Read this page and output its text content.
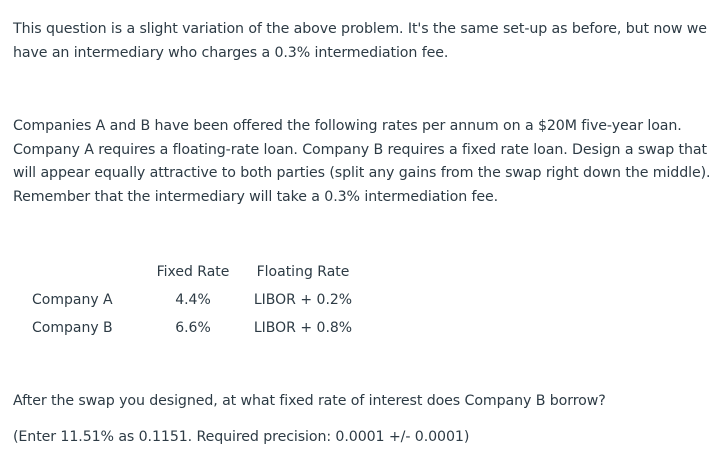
This question is a slight variation of the above problem. It's the same set-up as before, but now we have an intermediary who charges a 0.3% intermediation fee.

Companies A and B have been offered the following rates per annum on a $20M five-year loan. Company A requires a floating-rate loan. Company B requires a fixed rate loan. Design a swap that will appear equally attractive to both parties (split any gains from the swap right down the middle). Remember that the intermediary will take a 0.3% intermediation fee.

	Fixed Rate	Floating Rate
Company A	4.4%	LIBOR + 0.2%
Company B	6.6%	LIBOR + 0.8%

After the swap you designed, at what fixed rate of interest does Company B borrow?

(Enter 11.51% as 0.1151. Required precision: 0.0001 +/- 0.0001)
